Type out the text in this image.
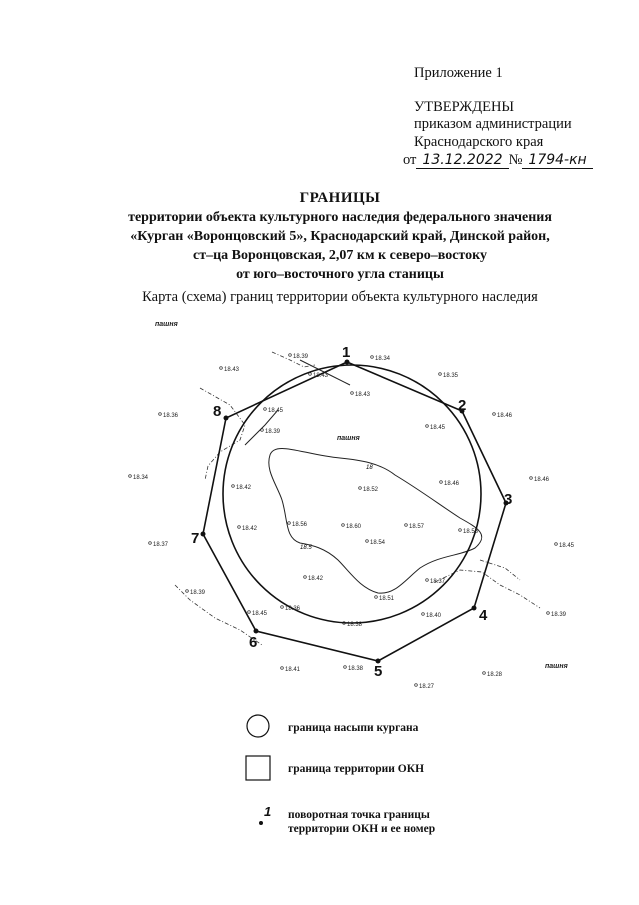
Приложение 1
УТВЕРЖДЕНЫ
приказом администрации
Краснодарского края
от 13.12.2022 № 1794-кн
ГРАНИЦЫ
территории объекта культурного наследия федерального значения
«Курган «Воронцовский 5», Краснодарский край, Динской район,
ст–ца Воронцовская, 2,07 км к северо–востоку
от юго–восточного угла станицы
Карта (схема) границ территории объекта культурного наследия
18
18.5
1
2
3
4
5
6
7
8
пашня
пашня
пашня
18.39	18.34
18.43
18.43	18.35
18.43
18.36
18.45
18.46
18.39
18.45
18.34	18.46
18.42	18.52
18.46
18.42
18.56	18.60	18.57
18.55
18.54
18.37	18.45
18.42	18.37
18.39
18.51
18.36
18.45	18.40	18.39
18.38
18.41	18.38
18.28
18.27
1
граница насыпи кургана
граница территории ОКН
поворотная точка границы
территории ОКН и ее номер
